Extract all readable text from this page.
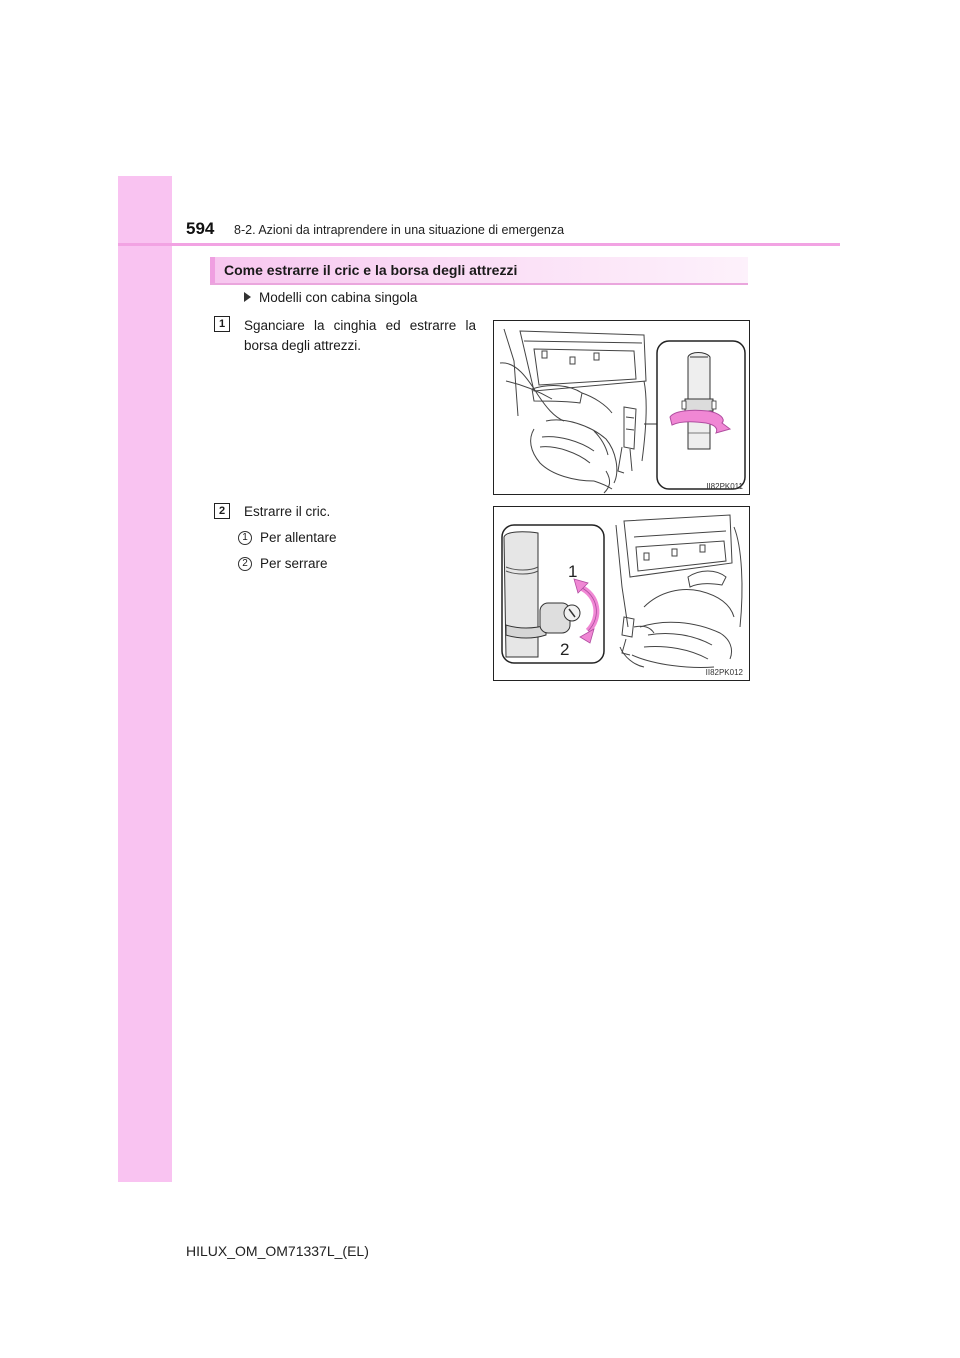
594 8-2. Azioni da intraprendere in una situazione di emergenza
Come estrarre il cric e la borsa degli attrezzi
Modelli con cabina singola
1	Sganciare la cinghia ed estrarre la borsa degli attrezzi.
II82PK011
2	Estrarre il cric.
1 Per allentare
2 Per serrare	1
2
II82PK012
HILUX_OM_OM71337L_(EL)
